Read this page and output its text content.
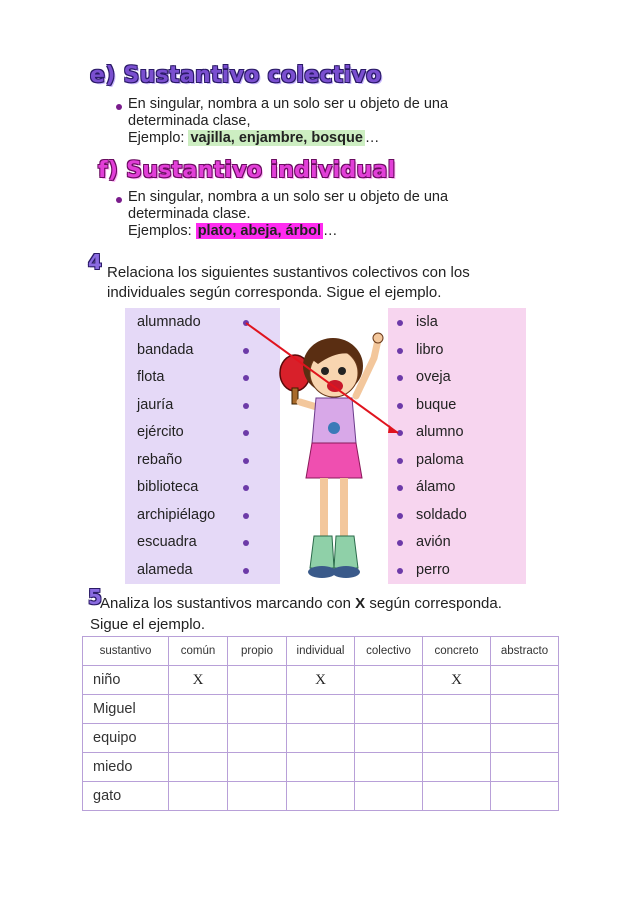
e) Sustantivo colectivo
En singular, nombra a un solo ser u objeto de una
determinada clase,
Ejemplo: vajilla, enjambre, bosque …
f) Sustantivo individual
En singular, nombra a un solo ser u objeto de una
determinada clase.
Ejemplos: plato, abeja, árbol …
4 Relaciona los siguientes sustantivos colectivos con los
individuales según corresponda. Sigue el ejemplo.
alumnado
bandada
flota
jauría
ejército
rebaño
biblioteca
archipiélago
escuadra
alameda
isla
libro
oveja
buque
alumno
paloma
álamo
soldado
avión
perro
5
Analiza los sustantivos marcando con X según corresponda.
Sigue el ejemplo.
sustantivo	común	propio	individual	colectivo	concreto	abstracto
niño	X		X		X	
Miguel						
equipo						
miedo						
gato						
